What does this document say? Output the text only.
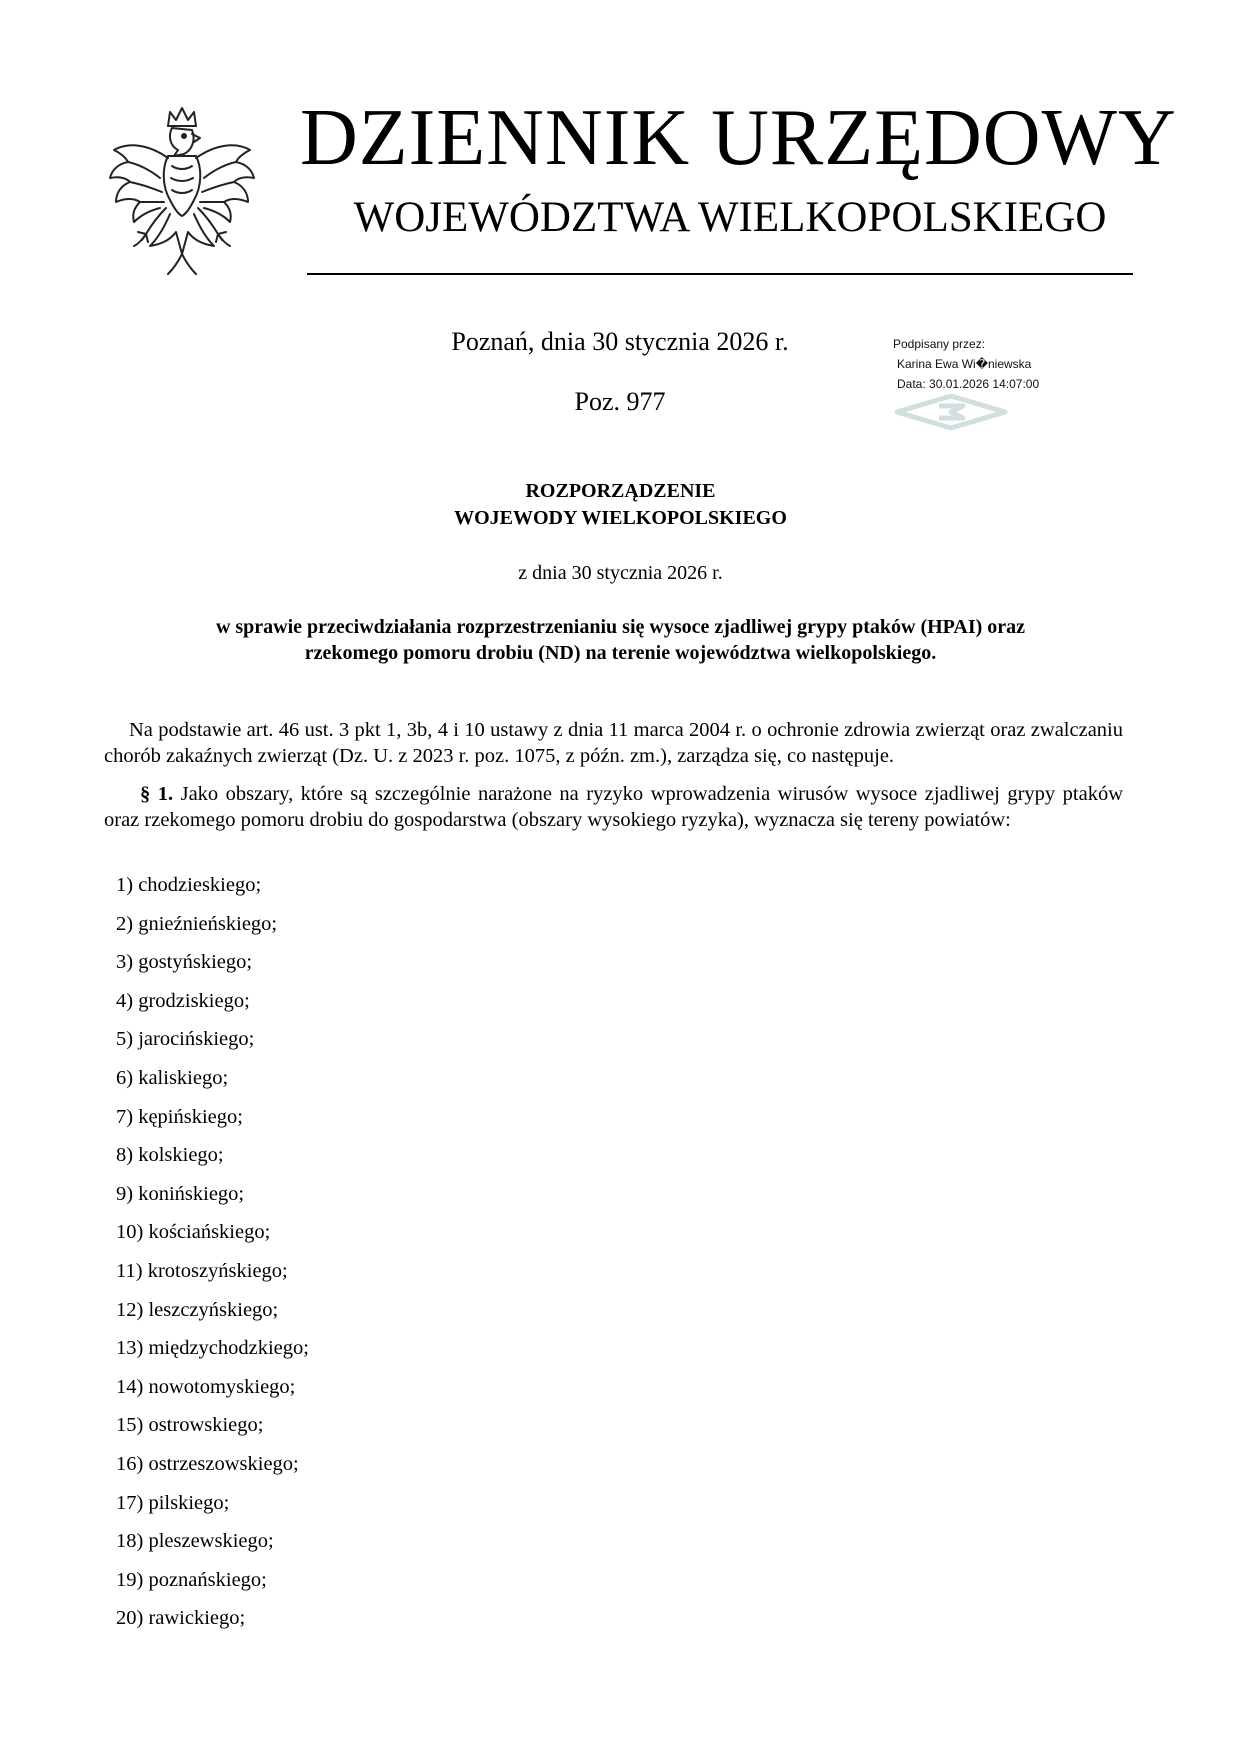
DZIENNIK URZĘDOWY
WOJEWÓDZTWA WIELKOPOLSKIEGO
Poznań, dnia 30 stycznia 2026 r.
Poz. 977
Podpisany przez:
Karina Ewa Wi�niewska
Data: 30.01.2026 14:07:00
ROZPORZĄDZENIE
WOJEWODY WIELKOPOLSKIEGO
z dnia 30 stycznia 2026 r.
w sprawie przeciwdziałania rozprzestrzenianiu się wysoce zjadliwej grypy ptaków (HPAI) oraz
rzekomego pomoru drobiu (ND) na terenie województwa wielkopolskiego.
Na podstawie art. 46 ust. 3 pkt 1, 3b, 4 i 10 ustawy z dnia 11 marca 2004 r. o ochronie zdrowia zwierząt oraz zwalczaniu chorób zakaźnych zwierząt (Dz. U. z 2023 r. poz. 1075, z późn. zm.), zarządza się, co następuje.
§ 1. Jako obszary, które są szczególnie narażone na ryzyko wprowadzenia wirusów wysoce zjadliwej grypy ptaków oraz rzekomego pomoru drobiu do gospodarstwa (obszary wysokiego ryzyka), wyznacza się tereny powiatów:
1) chodzieskiego;
2) gnieźnieńskiego;
3) gostyńskiego;
4) grodziskiego;
5) jarocińskiego;
6) kaliskiego;
7) kępińskiego;
8) kolskiego;
9) konińskiego;
10) kościańskiego;
11) krotoszyńskiego;
12) leszczyńskiego;
13) międzychodzkiego;
14) nowotomyskiego;
15) ostrowskiego;
16) ostrzeszowskiego;
17) pilskiego;
18) pleszewskiego;
19) poznańskiego;
20) rawickiego;
